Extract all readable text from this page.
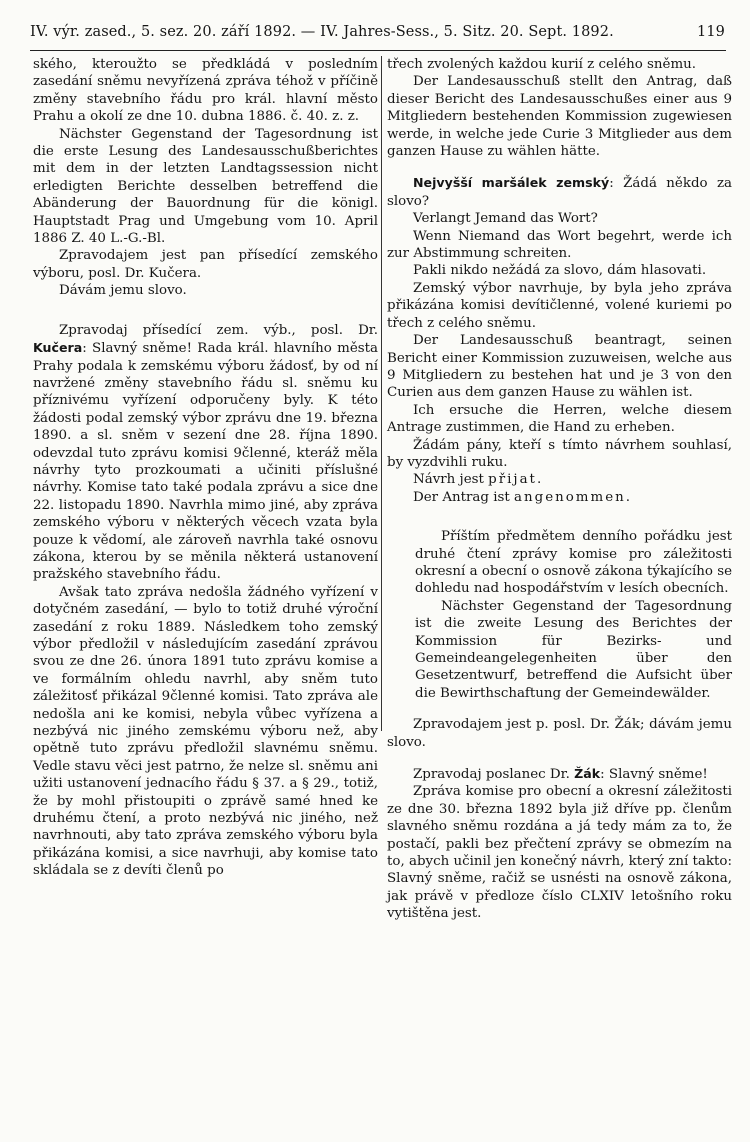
IV. výr. zased., 5. sez. 20. září 1892. — IV. Jahres-Sess., 5. Sitz. 20. Sept. 1892.	119

ského, kteroužto se předkládá v posledním zasedání sněmu nevyřízená zpráva téhož v příčině změny stavebního řádu pro král. hlavní město Prahu a okolí ze dne 10. dubna 1886. č. 40. z. z.

Nächster Gegenstand der Tagesordnung ist die erste Lesung des Landesausschußberichtes mit dem in der letzten Landtagssession nicht erledigten Berichte desselben betreffend die Abänderung der Bauordnung für die königl. Hauptstadt Prag und Umgebung vom 10. April 1886 Z. 40 L.-G.-Bl.

Zpravodajem jest pan přísedící zemského výboru, posl. Dr. Kučera.

Dávám jemu slovo.

Zpravodaj přísedící zem. výb., posl. Dr. Kučera: Slavný sněme! Rada král. hlavního města Prahy podala k zemskému výboru žádosť, by od ní navržené změny stavebního řádu sl. sněmu ku příznivému vyřízení odporučeny byly. K této žádosti podal zemský výbor zprávu dne 19. března 1890. a sl. sněm v sezení dne 28. října 1890. odevzdal tuto zprávu komisi 9členné, kteráž měla návrhy tyto prozkoumati a učiniti příslušné návrhy. Komise tato také podala zprávu a sice dne 22. listopadu 1890. Navrhla mimo jiné, aby zpráva zemského výboru v některých věcech vzata byla pouze k vědomí, ale zároveň navrhla také osnovu zákona, kterou by se měnila některá ustanovení pražského stavebního řádu.

Avšak tato zpráva nedošla žádného vyřízení v dotyčném zasedání, — bylo to totiž druhé výroční zasedání z roku 1889. Následkem toho zemský výbor předložil v následujícím zasedání zprávou svou ze dne 26. února 1891 tuto zprávu komise a ve formálním ohledu navrhl, aby sněm tuto záležitosť přikázal 9členné komisi. Tato zpráva ale nedošla ani ke komisi, nebyla vůbec vyřízena a nezbývá nic jiného zemskému výboru než, aby opětně tuto zprávu předložil slavnému sněmu. Vedle stavu věci jest patrno, že nelze sl. sněmu ani užiti ustanovení jednacího řádu § 37. a § 29., totiž, že by mohl přistoupiti o zprávě samé hned ke druhému čtení, a proto nezbývá nic jiného, než navrhnouti, aby tato zpráva zemského výboru byla přikázána komisi, a sice navrhuji, aby komise tato skládala se z devíti členů po

třech zvolených každou kurií z celého sněmu.

Der Landesausschuß stellt den Antrag, daß dieser Bericht des Landesausschußes einer aus 9 Mitgliedern bestehenden Kommission zugewiesen werde, in welche jede Curie 3 Mitglieder aus dem ganzen Hause zu wählen hätte.

Nejvyšší maršálek zemský: Žádá někdo za slovo?

Verlangt Jemand das Wort?

Wenn Niemand das Wort begehrt, werde ich zur Abstimmung schreiten.

Pakli nikdo nežádá za slovo, dám hlasovati.

Zemský výbor navrhuje, by byla jeho zpráva přikázána komisi devítičlenné, volené kuriemi po třech z celého sněmu.

Der Landesausschuß beantragt, seinen Bericht einer Kommission zuzuweisen, welche aus 9 Mitgliedern zu bestehen hat und je 3 von den Curien aus dem ganzen Hause zu wählen ist.

Ich ersuche die Herren, welche diesem Antrage zustimmen, die Hand zu erheben.

Žádám pány, kteří s tímto návrhem souhlasí, by vyzdvihli ruku.

Návrh jest přijat.

Der Antrag ist angenommen.

Příštím předmětem denního pořádku jest druhé čtení zprávy komise pro záležitosti okresní a obecní o osnově zákona týkajícího se dohledu nad hospodářstvím v lesích obecních.

Nächster Gegenstand der Tagesordnung ist die zweite Lesung des Berichtes der Kommission für Bezirks- und Gemeindeangelegenheiten über den Gesetzentwurf, betreffend die Aufsicht über die Bewirthschaftung der Gemeindewälder.

Zpravodajem jest p. posl. Dr. Žák; dávám jemu slovo.

Zpravodaj poslanec Dr. Žák: Slavný sněme!

Zpráva komise pro obecní a okresní záležitosti ze dne 30. března 1892 byla již dříve pp. členům slavného sněmu rozdána a já tedy mám za to, že postačí, pakli bez přečtení zprávy se obmezím na to, abych učinil jen konečný návrh, který zní takto: Slavný sněme, račiž se usnésti na osnově zákona, jak právě v předloze číslo CLXIV letošního roku vytištěna jest.
